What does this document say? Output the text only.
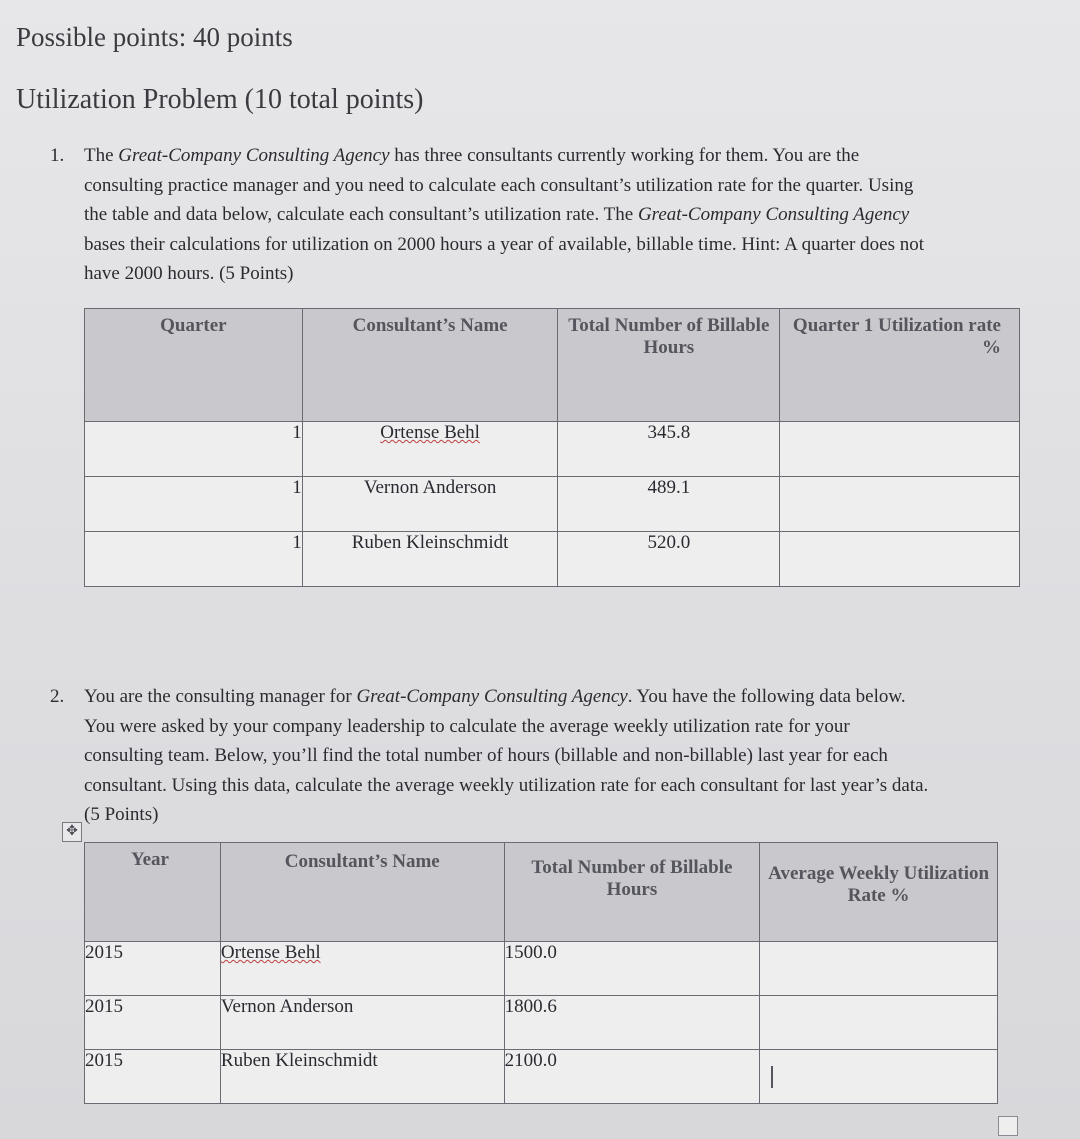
Possible points: 40 points
Utilization Problem (10 total points)
1.	The Great-Company Consulting Agency has three consultants currently working for them. You are the consulting practice manager and you need to calculate each consultant’s utilization rate for the quarter. Using the table and data below, calculate each consultant’s utilization rate. The Great-Company Consulting Agency bases their calculations for utilization on 2000 hours a year of available, billable time. Hint: A quarter does not have 2000 hours. (5 Points)
Quarter	Consultant’s Name	Total Number of Billable Hours	Quarter 1 Utilization rate %
1	Ortense Behl	345.8	
1	Vernon Anderson	489.1	
1	Ruben Kleinschmidt	520.0	
2.	You are the consulting manager for Great-Company Consulting Agency. You have the following data below. You were asked by your company leadership to calculate the average weekly utilization rate for your consulting team. Below, you’ll find the total number of hours (billable and non-billable) last year for each consultant. Using this data, calculate the average weekly utilization rate for each consultant for last year’s data. (5 Points)
✥
Year	Consultant’s Name	Total Number of Billable Hours	Average Weekly Utilization Rate %
2015	Ortense Behl	1500.0	
2015	Vernon Anderson	1800.6	
2015	Ruben Kleinschmidt	2100.0	
